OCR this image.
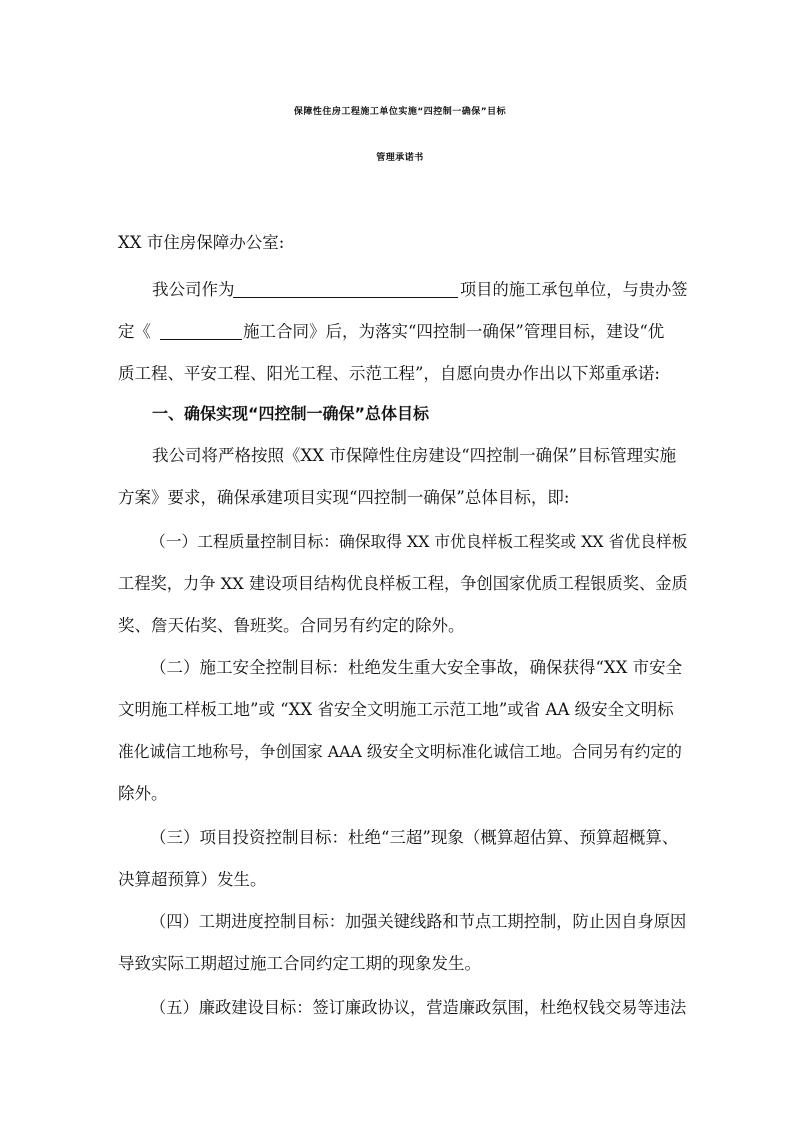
保障性住房工程施工单位实施“四控制一确保”目标
管理承诺书
XX 市住房保障办公室:
我公司作为	项目的施工承包单位，与贵办签
定《	施工合同》后，为落实“四控制一确保”管理目标，建设“优
质工程、平安工程、阳光工程、示范工程”，自愿向贵办作出以下郑重承诺:
一、确保实现“四控制一确保”总体目标
我公司将严格按照《XX 市保障性住房建设“四控制一确保”目标管理实施
方案》要求，确保承建项目实现“四控制一确保”总体目标，即:
（一）工程质量控制目标：确保取得 XX 市优良样板工程奖或 XX 省优良样板
工程奖，力争 XX 建设项目结构优良样板工程，争创国家优质工程银质奖、金质
奖、詹天佑奖、鲁班奖。合同另有约定的除外。
（二）施工安全控制目标：杜绝发生重大安全事故，确保获得“XX 市安全
文明施工样板工地”或 “XX 省安全文明施工示范工地”或省 AA 级安全文明标
准化诚信工地称号，争创国家 AAA 级安全文明标准化诚信工地。合同另有约定的
除外。
（三）项目投资控制目标：杜绝“三超”现象（概算超估算、预算超概算、
决算超预算）发生。
（四）工期进度控制目标：加强关键线路和节点工期控制，防止因自身原因
导致实际工期超过施工合同约定工期的现象发生。
（五）廉政建设目标：签订廉政协议，营造廉政氛围，杜绝权钱交易等违法
